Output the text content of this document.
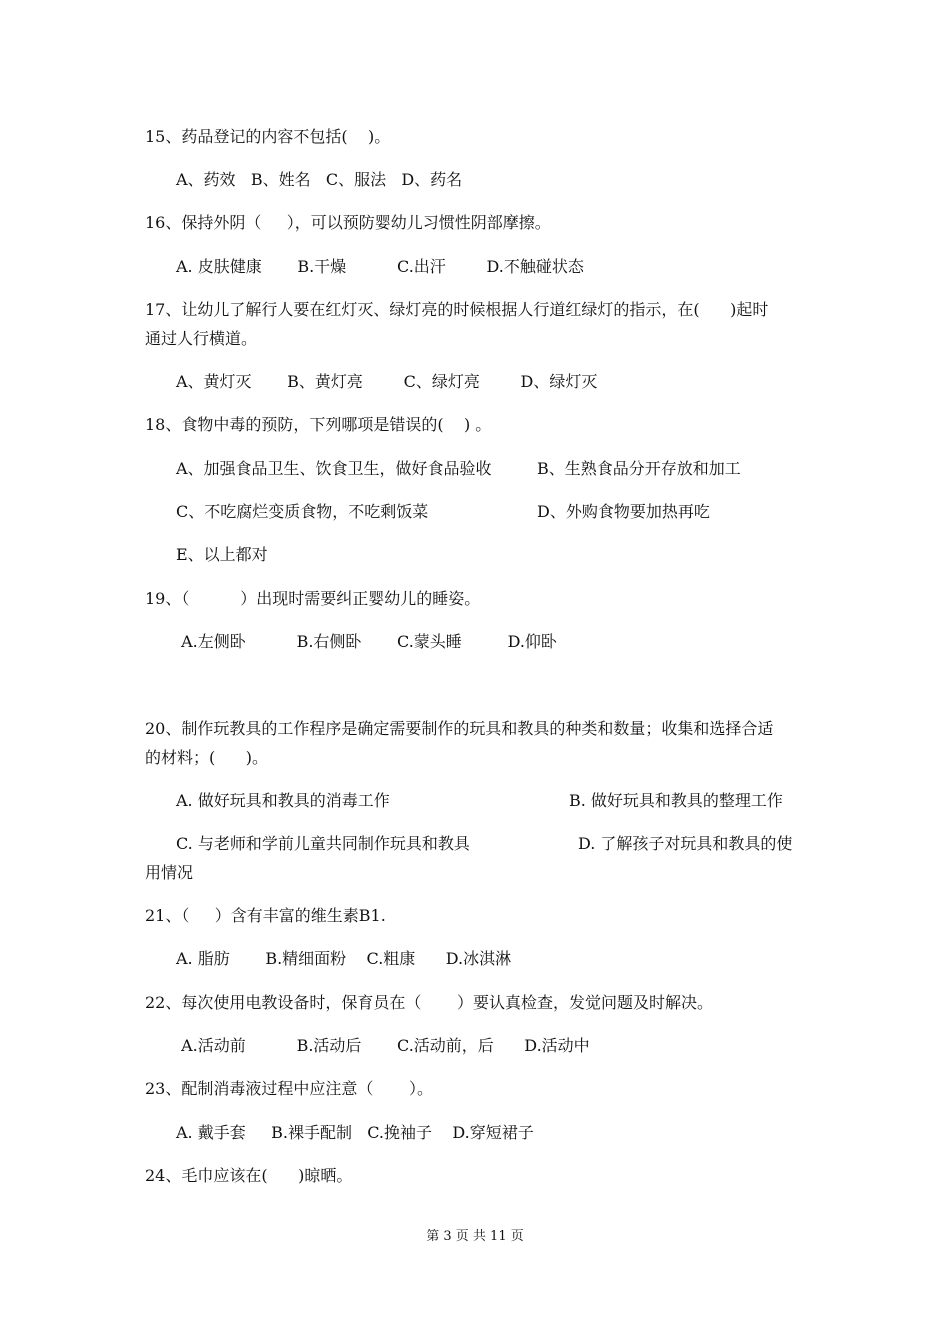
15、药品登记的内容不包括(    )。
A、药效   B、姓名   C、服法   D、药名
16、保持外阴（     ），可以预防婴幼儿习惯性阴部摩擦。
A. 皮肤健康       B.干燥          C.出汗        D.不触碰状态
17、让幼儿了解行人要在红灯灭、绿灯亮的时候根据人行道红绿灯的指示，在(      )起时
通过人行横道。
A、黄灯灭       B、黄灯亮        C、绿灯亮        D、绿灯灭
18、食物中毒的预防，下列哪项是错误的(    ) 。
A、加强食品卫生、饮食卫生，做好食品验收	B、生熟食品分开存放和加工
C、不吃腐烂变质食物，不吃剩饭菜	D、外购食物要加热再吃
E、以上都对
19、（          ）出现时需要纠正婴幼儿的睡姿。
A.左侧卧          B.右侧卧       C.蒙头睡         D.仰卧
20、制作玩教具的工作程序是确定需要制作的玩具和教具的种类和数量；收集和选择合适
的材料；(      )。
A. 做好玩具和教具的消毒工作	B. 做好玩具和教具的整理工作
C. 与老师和学前儿童共同制作玩具和教具	D. 了解孩子对玩具和教具的使
用情况
21、（     ）含有丰富的维生素B1.
A. 脂肪       B.精细面粉    C.粗康      D.冰淇淋
22、每次使用电教设备时，保育员在（       ）要认真检查，发觉问题及时解决。
A.活动前          B.活动后       C.活动前，后      D.活动中
23、配制消毒液过程中应注意（       ）。
A. 戴手套     B.裸手配制   C.挽袖子    D.穿短裙子
24、毛巾应该在(      )晾晒。
第 3 页 共 11 页
